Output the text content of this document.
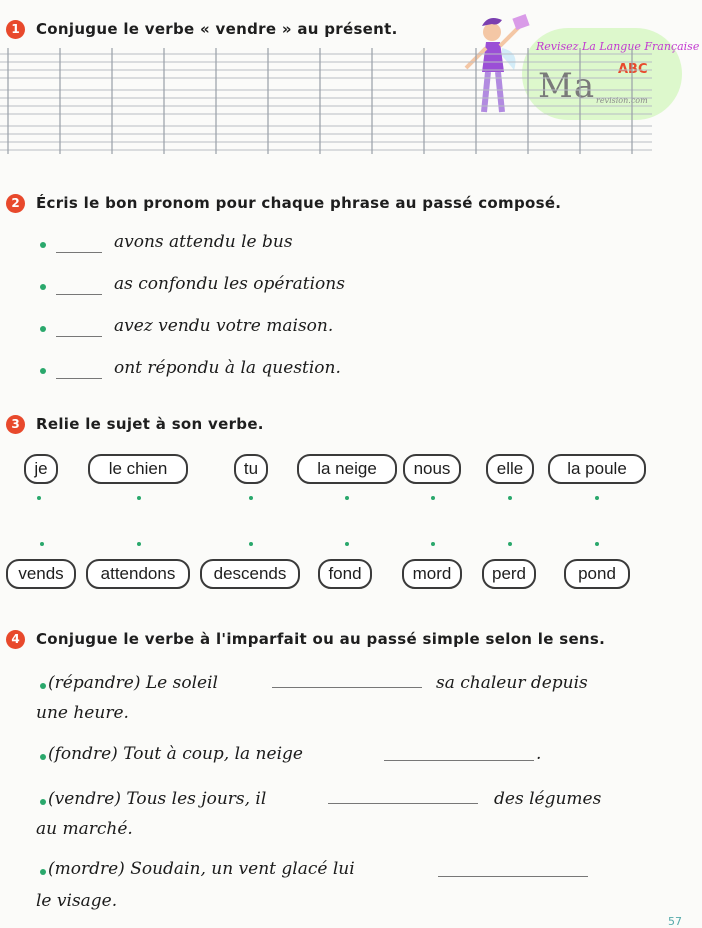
Revisez La Langue Française
Ma ABC
revision.com
1	Conjugue le verbe « vendre » au présent.
2	Écris le bon pronom pour chaque phrase au passé composé.
avons attendu le bus
as confondu les opérations
avez vendu votre maison.
ont répondu à la question.
3	Relie le sujet à son verbe.
je	le chien	tu	la neige	nous	elle	la poule
vends	attendons	descends	fond	mord	perd	pond
4	Conjugue le verbe à l'imparfait ou au passé simple selon le sens.
(répandre) Le soleil	sa chaleur depuis
une heure.
(fondre) Tout à coup, la neige	.
(vendre) Tous les jours, il	des légumes
au marché.
(mordre) Soudain, un vent glacé lui
le visage.
57
